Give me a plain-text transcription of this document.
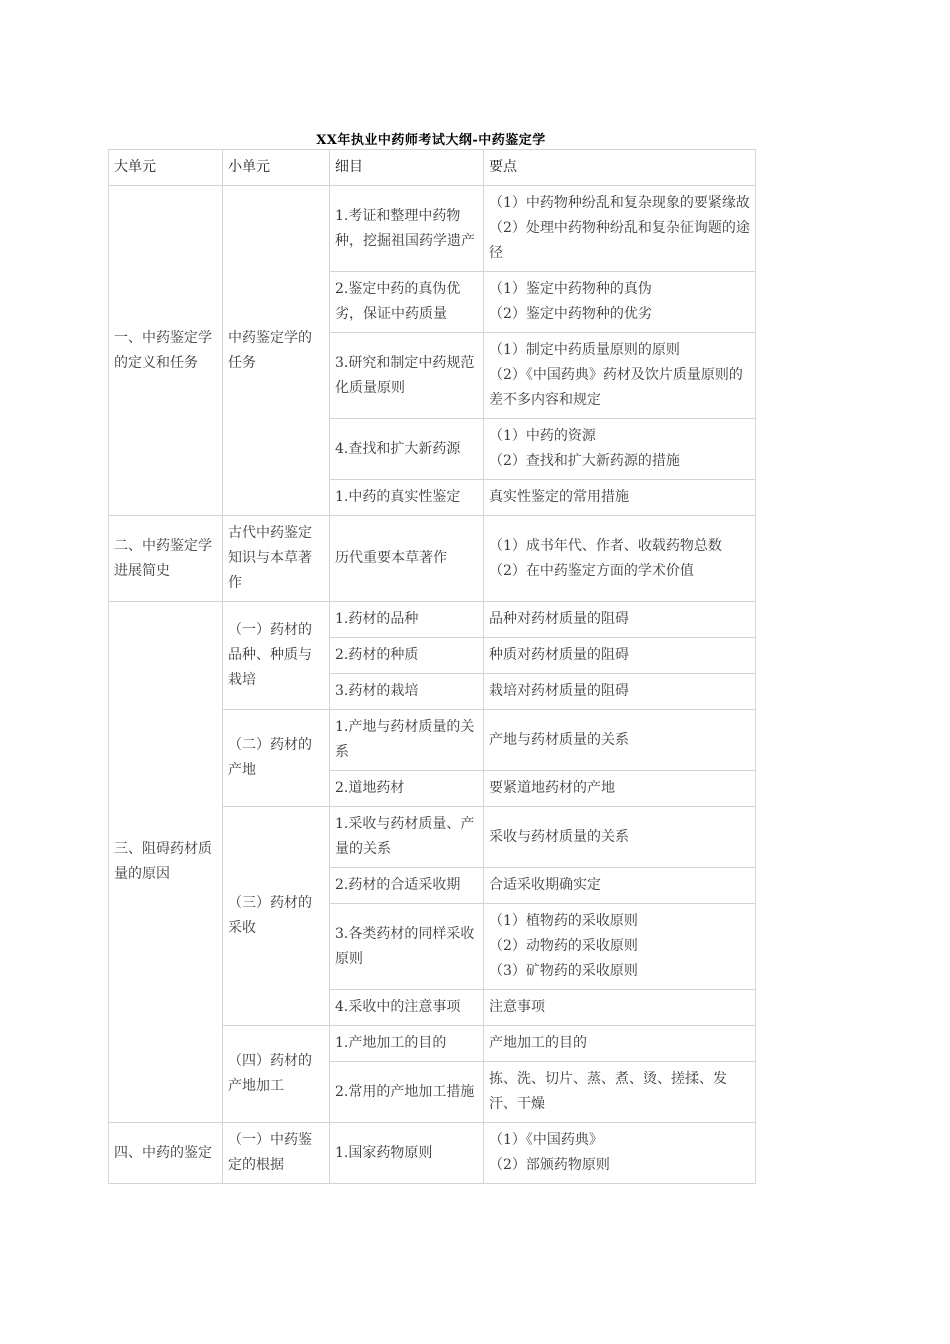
XX年执业中药师考试大纲-中药鉴定学
大单元	小单元	细目	要点
一、中药鉴定学的定义和任务	中药鉴定学的任务	1.考证和整理中药物种，挖掘祖国药学遗产	（1）中药物种纷乱和复杂现象的要紧缘故
（2）处理中药物种纷乱和复杂征询题的途径

		2.鉴定中药的真伪优劣，保证中药质量	（1）鉴定中药物种的真伪
（2）鉴定中药物种的优劣

		3.研究和制定中药规范化质量原则	（1）制定中药质量原则的原则
（2）《中国药典》药材及饮片质量原则的差不多内容和规定

		4.查找和扩大新药源	（1）中药的资源
（2）查找和扩大新药源的措施

		1.中药的真实性鉴定	真实性鉴定的常用措施

二、中药鉴定学进展简史	古代中药鉴定知识与本草著作	历代重要本草著作	（1）成书年代、作者、收载药物总数
（2）在中药鉴定方面的学术价值

三、阻碍药材质量的原因	（一）药材的品种、种质与栽培	1.药材的品种	品种对药材质量的阻碍

		2.药材的种质	种质对药材质量的阻碍

		3.药材的栽培	栽培对药材质量的阻碍

	（二）药材的产地	1.产地与药材质量的关系	产地与药材质量的关系

		2.道地药材	要紧道地药材的产地

	（三）药材的采收	1.采收与药材质量、产量的关系	采收与药材质量的关系

		2.药材的合适采收期	合适采收期确实定

		3.各类药材的同样采收原则	（1）植物药的采收原则
（2）动物药的采收原则
（3）矿物药的采收原则

		4.采收中的注意事项	注意事项

	（四）药材的产地加工	1.产地加工的目的	产地加工的目的

		2.常用的产地加工措施	拣、洗、切片、蒸、煮、烫、搓揉、发汗、干燥

四、中药的鉴定	（一）中药鉴定的根据	1.国家药物原则	（1）《中国药典》
（2）部颁药物原则
